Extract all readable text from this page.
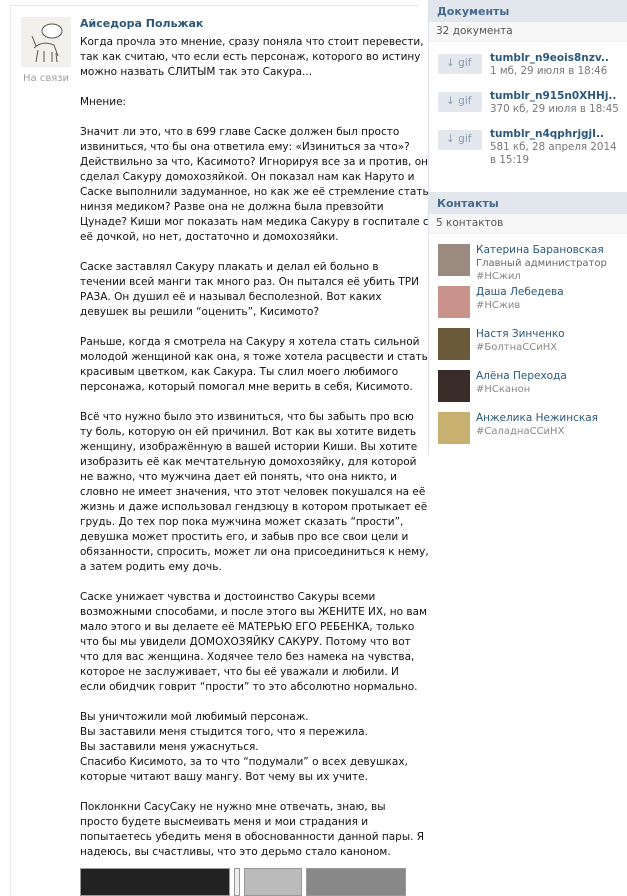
На связи
Айседора Польжак
Когда прочла это мнение, сразу поняла что стоит перевести,
так как считаю, что если есть персонаж, которого во истину
можно назвать СЛИТЫМ так это Сакура...
Мнение:
Значит ли это, что в 699 главе Саске должен был просто
извиниться, что бы она ответила ему: «Изиниться за что»?
Действильно за что, Касимото? Игнорируя все за и против, он
сделал Сакуру домохозяйкой. Он показал нам как Наруто и
Саске выполнили задуманное, но как же её стремление стать
нинзя медиком? Разве она не должна была превзойти
Цунаде? Киши мог показать нам медика Сакуру в госпитале с
её дочкой, но нет, достаточно и домохозяйки.
Саске заставлял Сакуру плакать и делал ей больно в
течении всей манги так много раз. Он пытался её убить ТРИ
РАЗА. Он душил её и называл бесполезной. Вот каких
девушек вы решили “оценить”, Кисимото?
Раньше, когда я смотрела на Сакуру я хотела стать сильной
молодой женщиной как она, я тоже хотела расцвести и стать
красивым цветком, как Сакура. Ты слил моего любимого
персонажа, который помогал мне верить в себя, Кисимото.
Всё что нужно было это извиниться, что бы забыть про всю
ту боль, которую он ей причинил. Вот как вы хотите видеть
женщину, изображённую в вашей истории Киши. Вы хотите
изобразить её как мечтательную домохозяйку, для которой
не важно, что мужчина дает ей понять, что она никто, и
словно не имеет значения, что этот человек покушался на её
жизнь и даже использовал гендзюцу в котором протыкает её
грудь. До тех пор пока мужчина может сказать “прости”,
девушка может простить его, и забыв про все свои цели и
обязанности, спросить, может ли она присоединиться к нему,
а затем родить ему дочь.
Саске унижает чувства и достоинство Сакуры всеми
возможными способами, и после этого вы ЖЕНИТЕ ИХ, но вам
мало этого и вы делаете её МАТЕРЬЮ ЕГО РЕБЕНКА, только
что бы мы увидели ДОМОХОЗЯЙКУ САКУРУ. Потому что вот
что для вас женщина. Ходячее тело без намека на чувства,
которое не заслуживает, что бы её уважали и любили. И
если обидчик говрит “прости” то это абсолютно нормально.
Вы уничтожили мой любимый персонаж.
Вы заставили меня стыдится того, что я пережила.
Вы заставили меня ужаснуться.
Спасибо Кисимото, за то что “подумали” о всех девушках,
которые читают вашу мангу. Вот чему вы их учите.
Поклонкни СасуСаку не нужно мне отвечать, знаю, вы
просто будете высмеивать меня и мои страдания и
попытаетесь убедить меня в обоснованности данной пары. Я
надеюсь, вы счастливы, что это дерьмо стало каноном.
Документы
32 документа
↓ gif	tumblr_n9eois8nzv..
1 мб, 29 июля в 18:46
↓ gif	tumblr_n915n0XHHj..
370 кб, 29 июля в 18:45
↓ gif	tumblr_n4qphrjgjI..
581 кб, 28 апреля 2014
в 15:19
Контакты
5 контактов
Катерина Барановская
Главный администратор
#НСжил
Даша Лебедева
#НСжив
Настя Зинченко
#БолтнаССиНХ
Алёна Перехода
#НСканон
Анжелика Нежинская
#СаладнаССиНХ
